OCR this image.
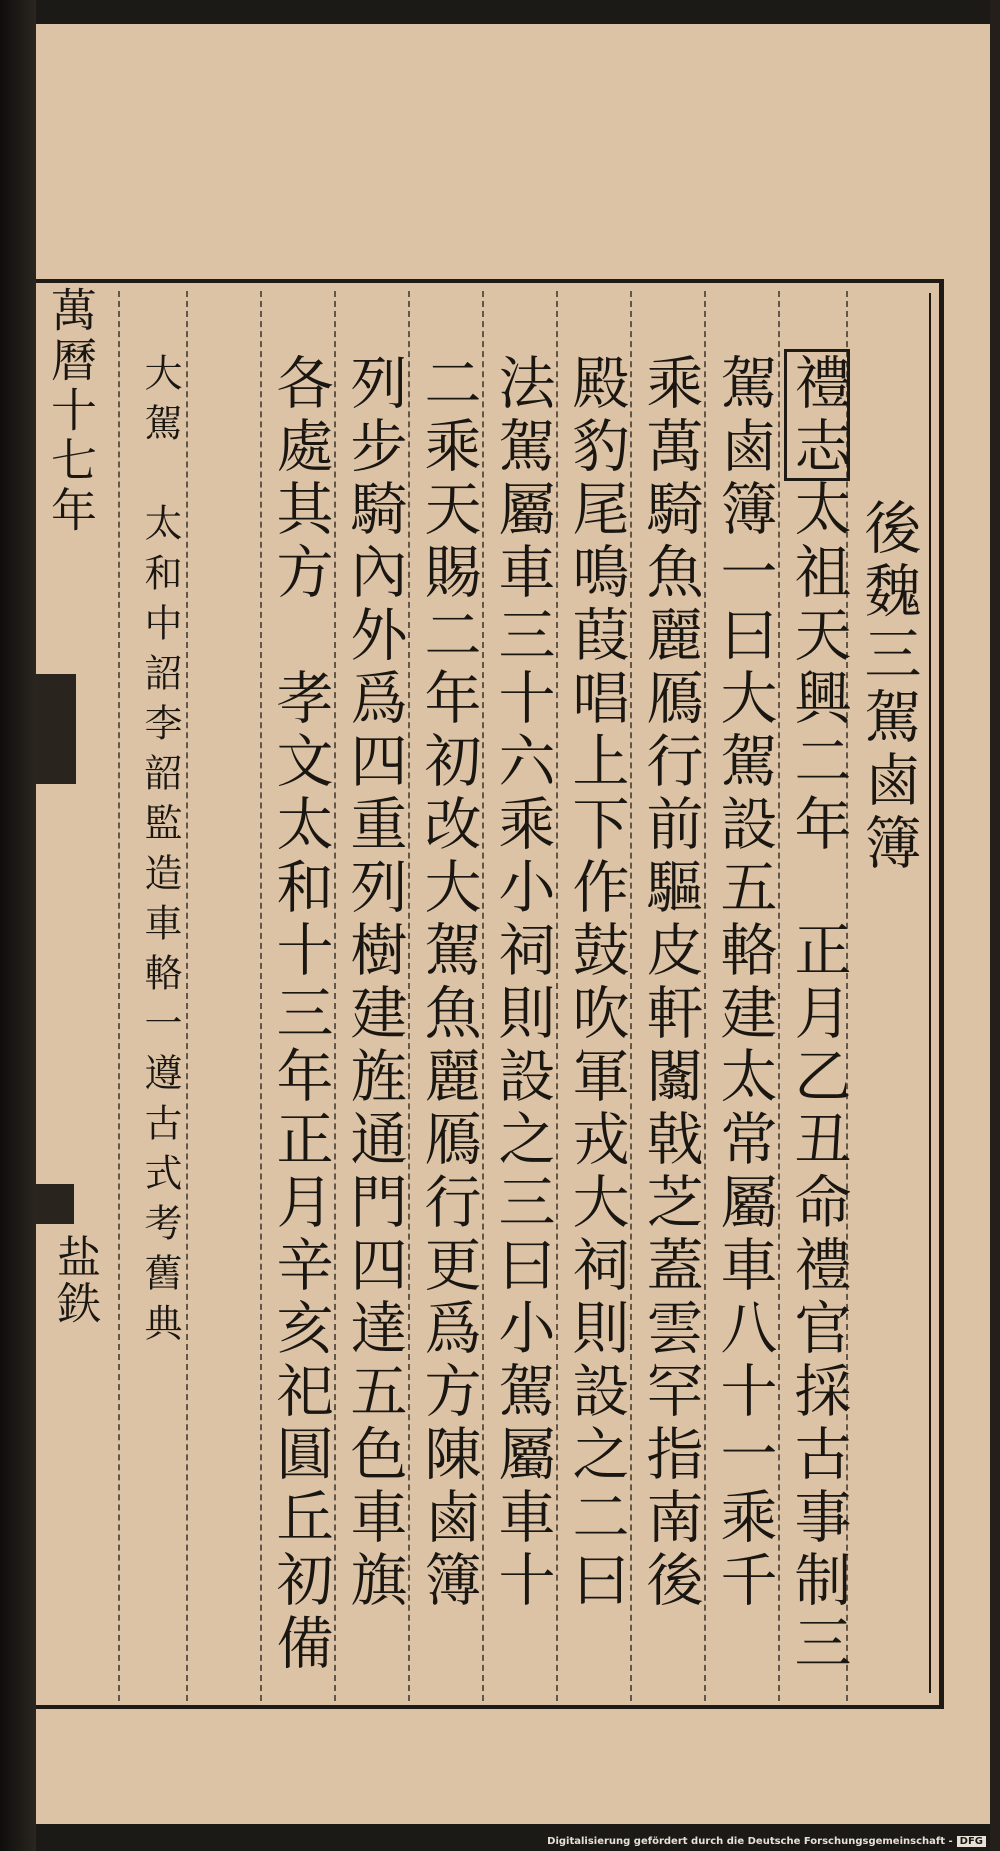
萬曆十七年
盐鉄
後魏三駕鹵簿
禮志太祖天興二年　正月乙丑命禮官採古事制三
駕鹵簿一曰大駕設五輅建太常屬車八十一乘千
乘萬騎魚麗鴈行前驅皮軒闟戟芝蓋雲罕指南後
殿豹尾鳴葭唱上下作鼓吹軍戎大祠則設之二曰
法駕屬車三十六乘小祠則設之三曰小駕屬車十
二乘天賜二年初改大駕魚麗鴈行更爲方陳鹵簿
列步騎內外爲四重列樹建旌通門四達五色車旗
各處其方　孝文太和十三年正月辛亥祀圓丘初備
大駕　太和中詔李韶監造車輅一遵古式考舊典
Digitalisierung gefördert durch die Deutsche Forschungsgemeinschaft - DFG
